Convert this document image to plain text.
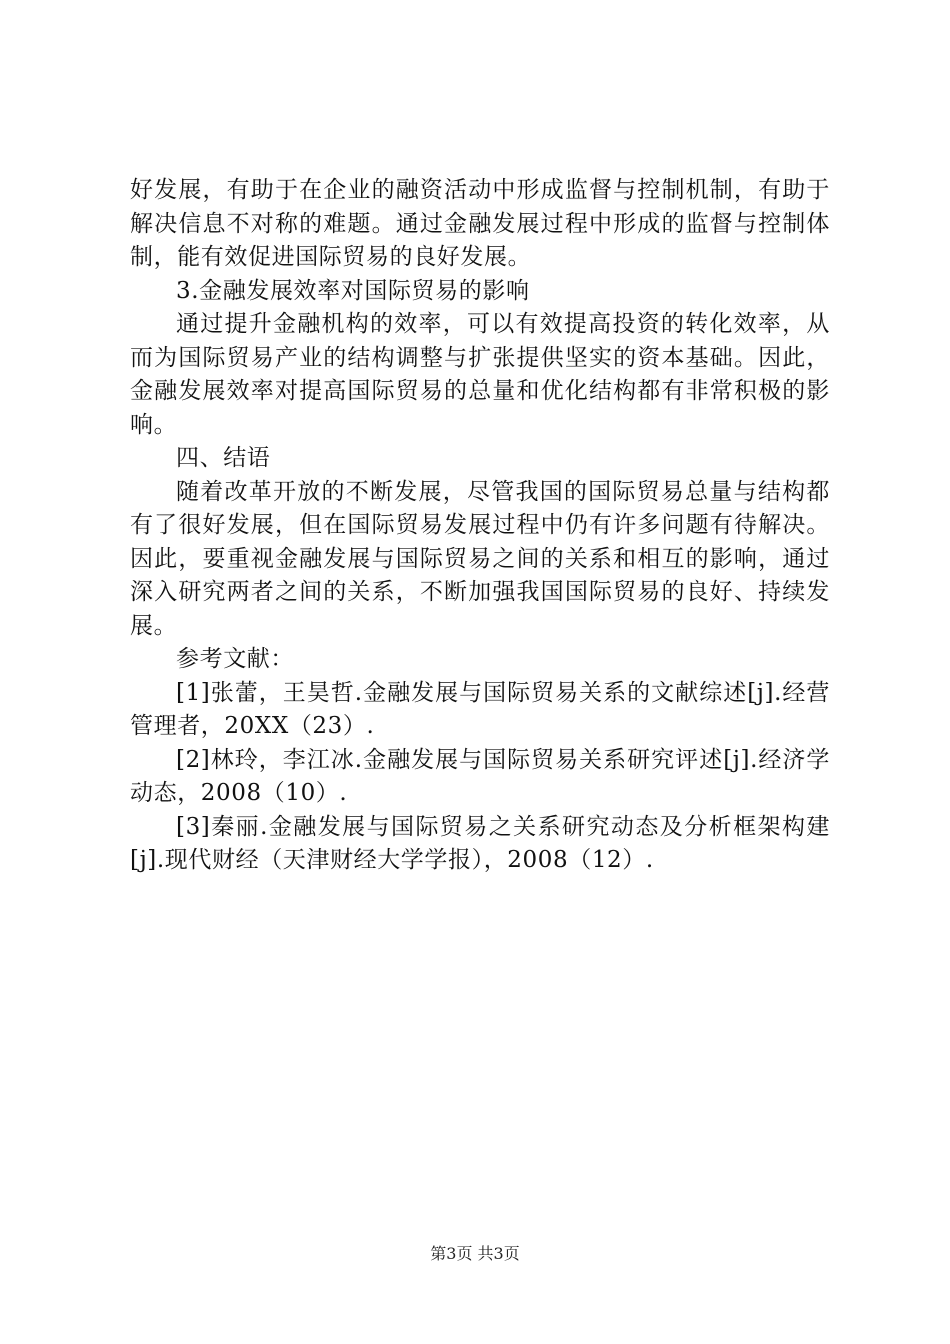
好发展，有助于在企业的融资活动中形成监督与控制机制，有助于解决信息不对称的难题。通过金融发展过程中形成的监督与控制体制，能有效促进国际贸易的良好发展。

3.金融发展效率对国际贸易的影响

通过提升金融机构的效率，可以有效提高投资的转化效率，从而为国际贸易产业的结构调整与扩张提供坚实的资本基础。因此，金融发展效率对提高国际贸易的总量和优化结构都有非常积极的影响。

四、结语

随着改革开放的不断发展，尽管我国的国际贸易总量与结构都有了很好发展，但在国际贸易发展过程中仍有许多问题有待解决。因此，要重视金融发展与国际贸易之间的关系和相互的影响，通过深入研究两者之间的关系，不断加强我国国际贸易的良好、持续发展。

参考文献：

[1]张蕾，王昊哲.金融发展与国际贸易关系的文献综述[j].经营管理者，20XX（23）.

[2]林玲，李江冰.金融发展与国际贸易关系研究评述[j].经济学动态，2008（10）.

[3]秦丽.金融发展与国际贸易之关系研究动态及分析框架构建[j].现代财经（天津财经大学学报），2008（12）.

第3页 共3页
